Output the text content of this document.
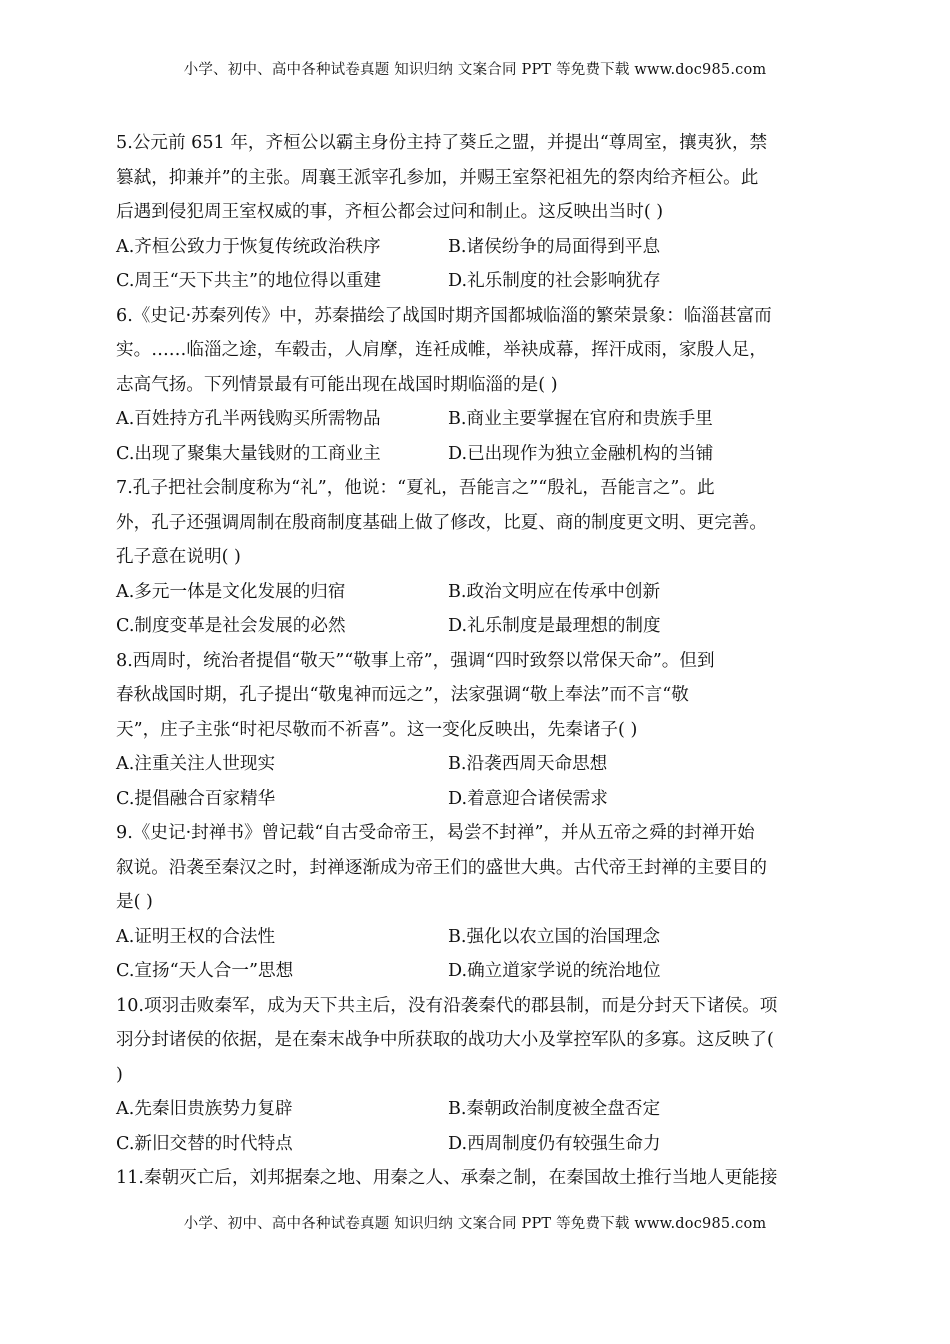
小学、初中、高中各种试卷真题 知识归纳 文案合同 PPT 等免费下载 www.doc985.com
5.公元前 651 年，齐桓公以霸主身份主持了葵丘之盟，并提出“尊周室，攘夷狄，禁
篡弑，抑兼并”的主张。周襄王派宰孔参加，并赐王室祭祀祖先的祭肉给齐桓公。此
后遇到侵犯周王室权威的事，齐桓公都会过问和制止。这反映出当时( )
A.齐桓公致力于恢复传统政治秩序	B.诸侯纷争的局面得到平息
C.周王“天下共主”的地位得以重建	D.礼乐制度的社会影响犹存
6.《史记·苏秦列传》中，苏秦描绘了战国时期齐国都城临淄的繁荣景象：临淄甚富而
实。……临淄之途，车毂击，人肩摩，连衽成帷，举袂成幕，挥汗成雨，家殷人足，
志高气扬。下列情景最有可能出现在战国时期临淄的是( )
A.百姓持方孔半两钱购买所需物品	B.商业主要掌握在官府和贵族手里
C.出现了聚集大量钱财的工商业主	D.已出现作为独立金融机构的当铺
7.孔子把社会制度称为“礼”，他说：“夏礼，吾能言之”“殷礼，吾能言之”。此
外，孔子还强调周制在殷商制度基础上做了修改，比夏、商的制度更文明、更完善。
孔子意在说明( )
A.多元一体是文化发展的归宿	B.政治文明应在传承中创新
C.制度变革是社会发展的必然	D.礼乐制度是最理想的制度
8.西周时，统治者提倡“敬天”“敬事上帝”，强调“四时致祭以常保天命”。但到
春秋战国时期，孔子提出“敬鬼神而远之”，法家强调“敬上奉法”而不言“敬
天”，庄子主张“时祀尽敬而不祈喜”。这一变化反映出，先秦诸子( )
A.注重关注人世现实	B.沿袭西周天命思想
C.提倡融合百家精华	D.着意迎合诸侯需求
9.《史记·封禅书》曾记载“自古受命帝王，曷尝不封禅”，并从五帝之舜的封禅开始
叙说。沿袭至秦汉之时，封禅逐渐成为帝王们的盛世大典。古代帝王封禅的主要目的
是( )
A.证明王权的合法性	B.强化以农立国的治国理念
C.宣扬“天人合一”思想	D.确立道家学说的统治地位
10.项羽击败秦军，成为天下共主后，没有沿袭秦代的郡县制，而是分封天下诸侯。项
羽分封诸侯的依据，是在秦末战争中所获取的战功大小及掌控军队的多寡。这反映了(
)
A.先秦旧贵族势力复辟	B.秦朝政治制度被全盘否定
C.新旧交替的时代特点	D.西周制度仍有较强生命力
11.秦朝灭亡后，刘邦据秦之地、用秦之人、承秦之制，在秦国故土推行当地人更能接
小学、初中、高中各种试卷真题 知识归纳 文案合同 PPT 等免费下载 www.doc985.com
